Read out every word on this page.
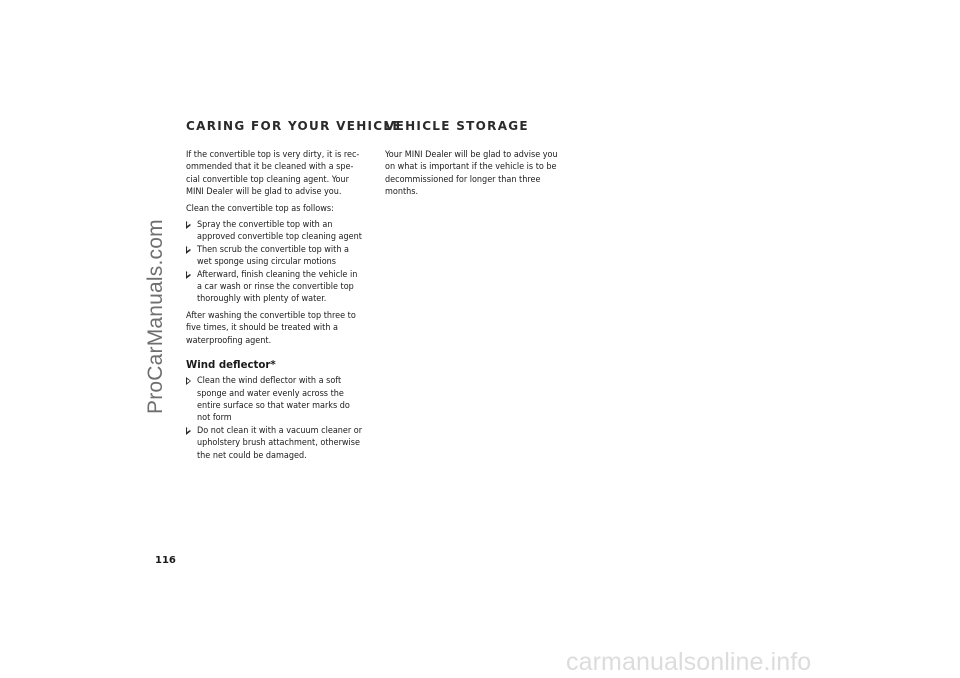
ProCarManuals.com
CARING FOR YOUR VEHICLE

If the convertible top is very dirty, it is rec-
ommended that it be cleaned with a spe-
cial convertible top cleaning agent. Your
MINI Dealer will be glad to advise you.

Clean the convertible top as follows:

Spray the convertible top with an
approved convertible top cleaning agent
Then scrub the convertible top with a
wet sponge using circular motions
Afterward, finish cleaning the vehicle in
a car wash or rinse the convertible top
thoroughly with plenty of water.

After washing the convertible top three to
five times, it should be treated with a
waterproofing agent.

Wind deflector*
Clean the wind deflector with a soft
sponge and water evenly across the
entire surface so that water marks do
not form
Do not clean it with a vacuum cleaner or
upholstery brush attachment, otherwise
the net could be damaged.
VEHICLE STORAGE

Your MINI Dealer will be glad to advise you
on what is important if the vehicle is to be
decommissioned for longer than three
months.

116
carmanualsonline.info
